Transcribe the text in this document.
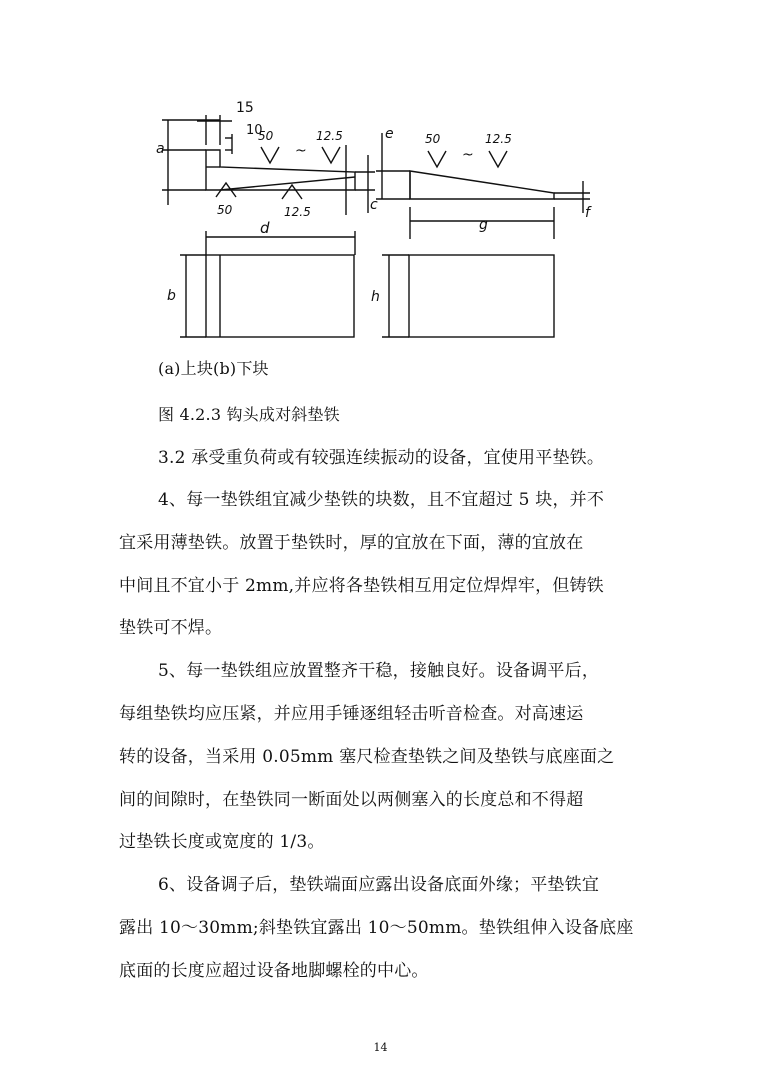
15
10
a
c
d
b
e
g
f
h
50
~
12.5
50	12.5
50
~
12.5
(a)上块(b)下块
图 4.2.3 钩头成对斜垫铁
3.2 承受重负荷或有较强连续振动的设备，宜使用平垫铁。
4、每一垫铁组宜减少垫铁的块数，且不宜超过 5 块，并不
宜采用薄垫铁。放置于垫铁时，厚的宜放在下面，薄的宜放在
中间且不宜小于 2mm,并应将各垫铁相互用定位焊焊牢，但铸铁
垫铁可不焊。
5、每一垫铁组应放置整齐干稳，接触良好。设备调平后，
每组垫铁均应压紧，并应用手锤逐组轻击听音检查。对高速运
转的设备，当采用 0.05mm 塞尺检查垫铁之间及垫铁与底座面之
间的间隙时，在垫铁同一断面处以两侧塞入的长度总和不得超
过垫铁长度或宽度的 1/3。
6、设备调子后，垫铁端面应露出设备底面外缘；平垫铁宜
露出 10～30mm;斜垫铁宜露出 10～50mm。垫铁组伸入设备底座
底面的长度应超过设备地脚螺栓的中心。
14
